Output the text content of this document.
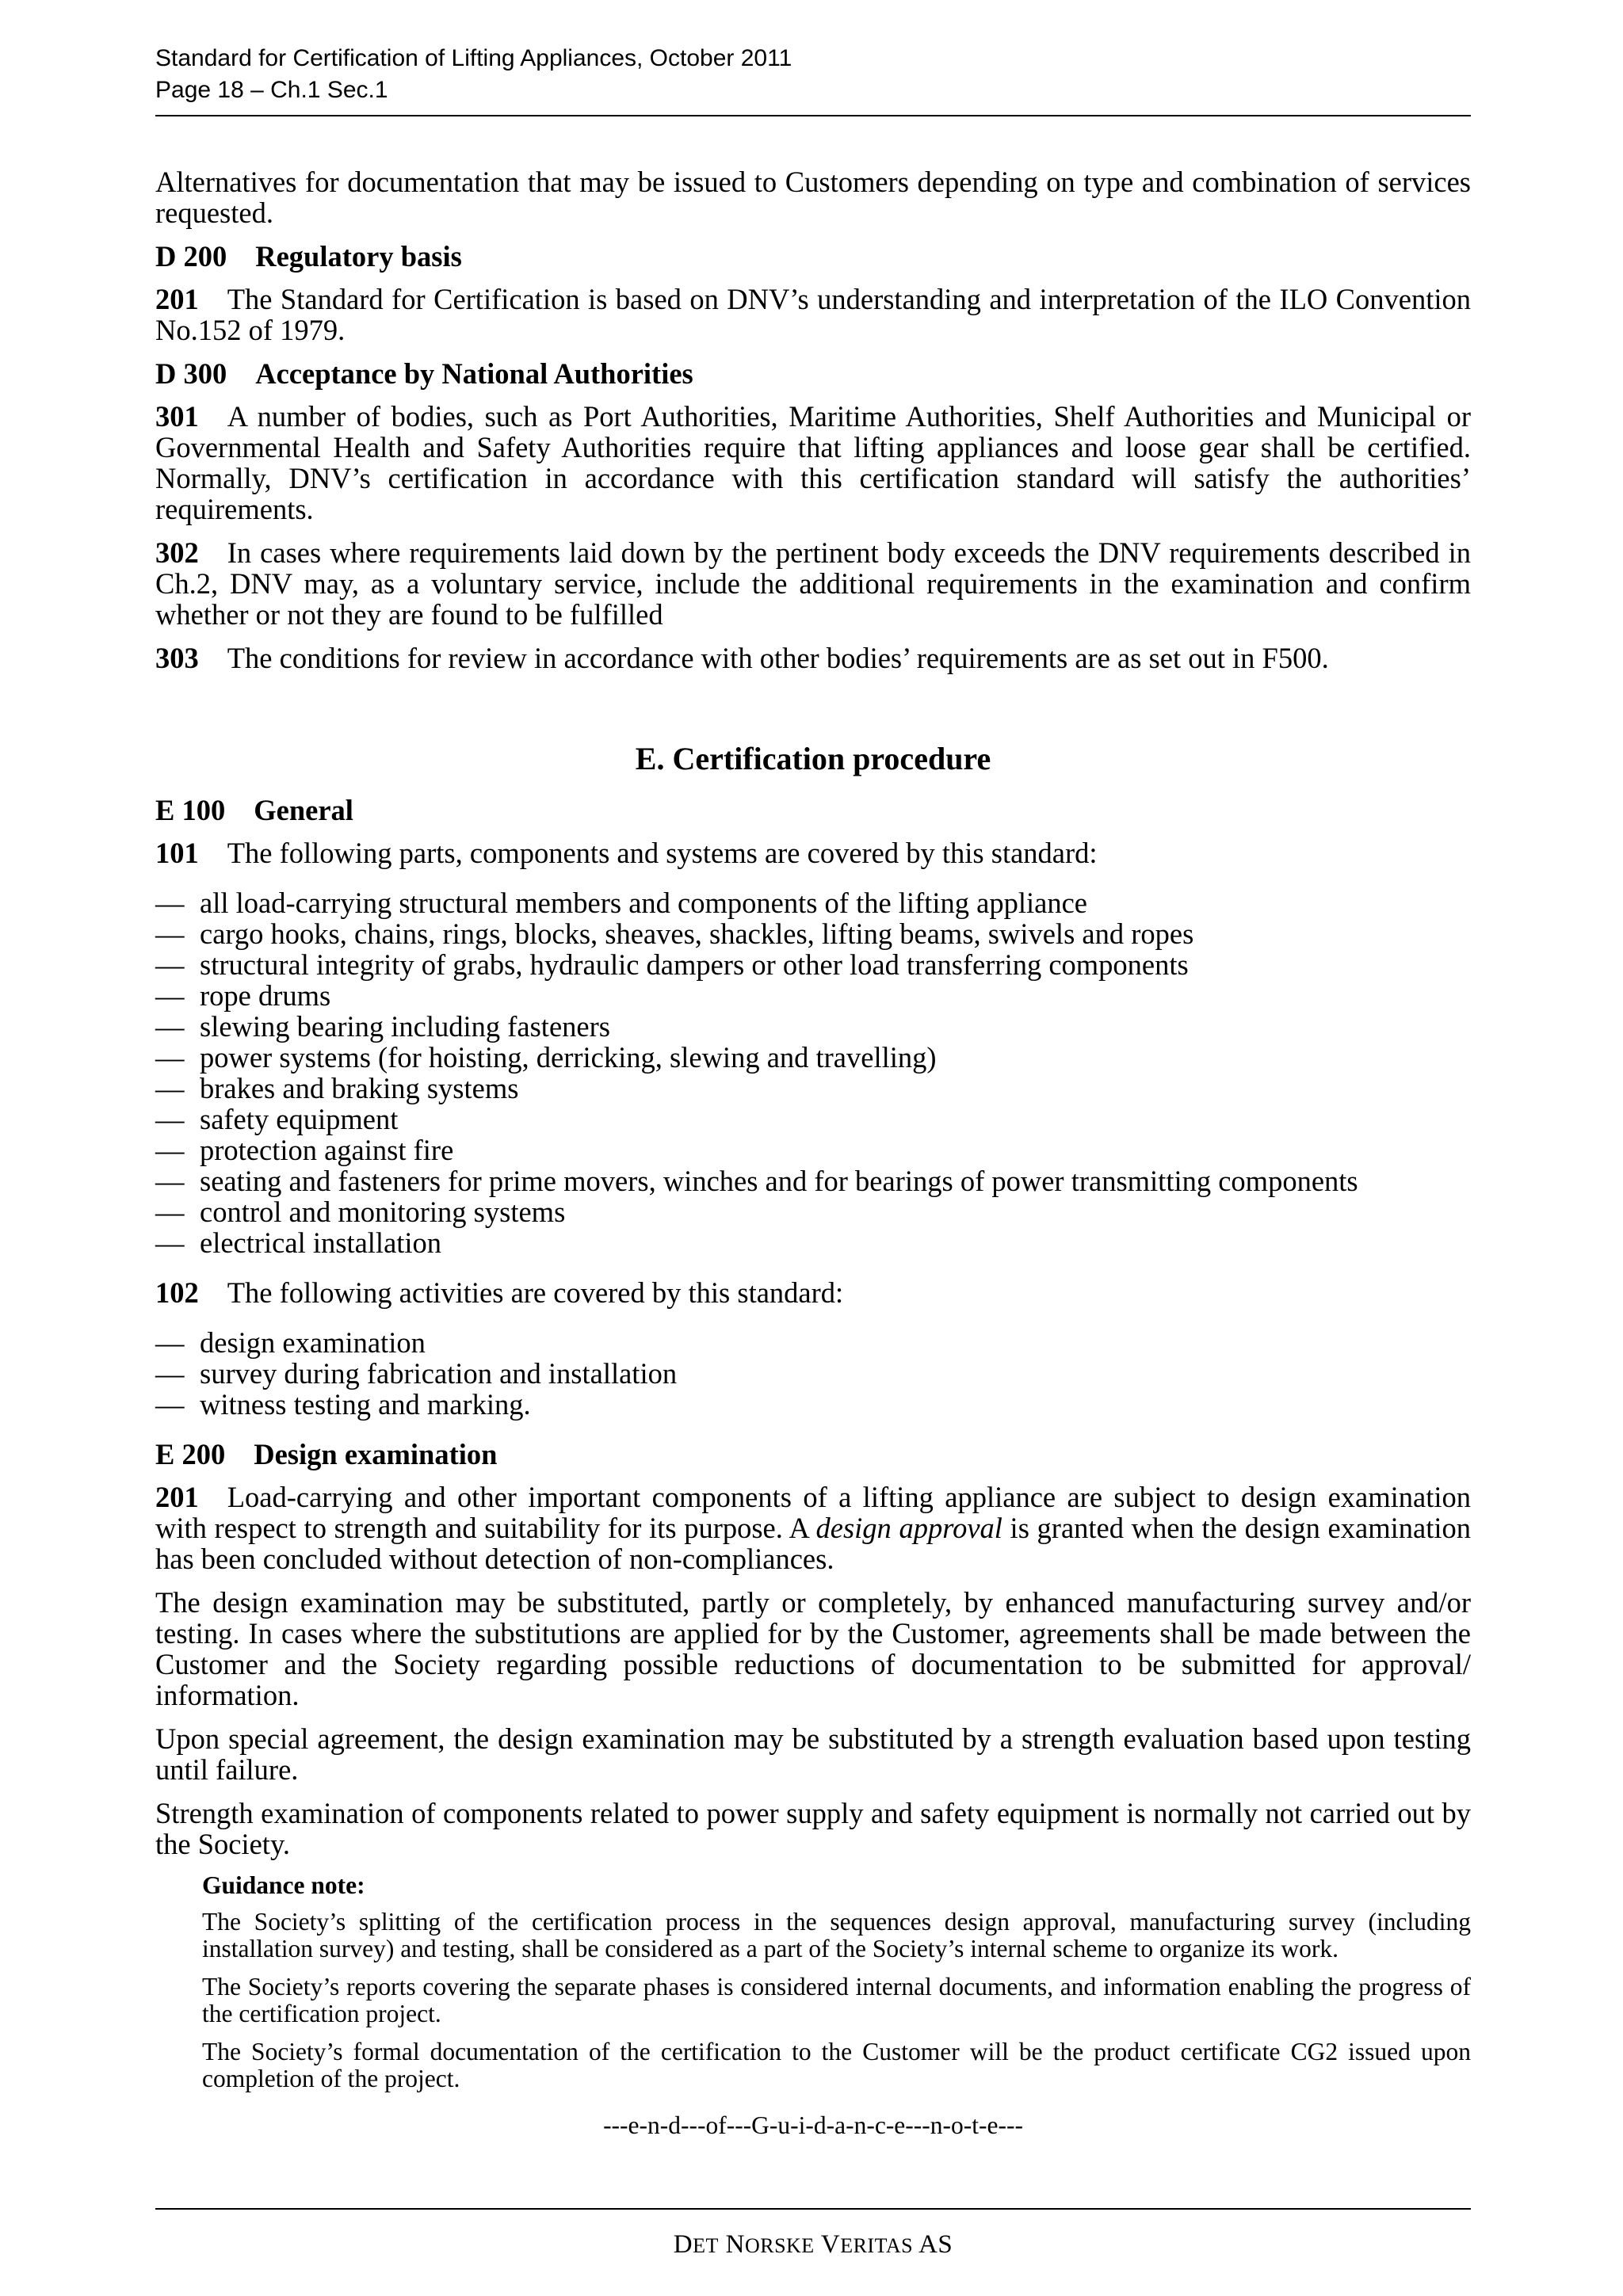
Standard for Certification of Lifting Appliances, October 2011
Page 18 – Ch.1 Sec.1

Alternatives for documentation that may be issued to Customers depending on type and combination of services requested.

D 200 Regulatory basis

201 The Standard for Certification is based on DNV’s understanding and interpretation of the ILO Convention No.152 of 1979.

D 300 Acceptance by National Authorities

301 A number of bodies, such as Port Authorities, Maritime Authorities, Shelf Authorities and Municipal or Governmental Health and Safety Authorities require that lifting appliances and loose gear shall be certified. Normally, DNV’s certification in accordance with this certification standard will satisfy the authorities’ requirements.

302 In cases where requirements laid down by the pertinent body exceeds the DNV requirements described in Ch.2, DNV may, as a voluntary service, include the additional requirements in the examination and confirm whether or not they are found to be fulfilled

303 The conditions for review in accordance with other bodies’ requirements are as set out in F500.

E. Certification procedure
E 100 General

101 The following parts, components and systems are covered by this standard:

— all load-carrying structural members and components of the lifting appliance
— cargo hooks, chains, rings, blocks, sheaves, shackles, lifting beams, swivels and ropes
— structural integrity of grabs, hydraulic dampers or other load transferring components
— rope drums
— slewing bearing including fasteners
— power systems (for hoisting, derricking, slewing and travelling)
— brakes and braking systems
— safety equipment
— protection against fire
— seating and fasteners for prime movers, winches and for bearings of power transmitting components
— control and monitoring systems
— electrical installation

102 The following activities are covered by this standard:

— design examination
— survey during fabrication and installation
— witness testing and marking.
E 200 Design examination

201 Load-carrying and other important components of a lifting appliance are subject to design examination with respect to strength and suitability for its purpose. A design approval is granted when the design examination has been concluded without detection of non-compliances.

The design examination may be substituted, partly or completely, by enhanced manufacturing survey and/or testing. In cases where the substitutions are applied for by the Customer, agreements shall be made between the Customer and the Society regarding possible reductions of documentation to be submitted for approval/ information.

Upon special agreement, the design examination may be substituted by a strength evaluation based upon testing until failure.

Strength examination of components related to power supply and safety equipment is normally not carried out by the Society.

Guidance note:

The Society’s splitting of the certification process in the sequences design approval, manufacturing survey (including installation survey) and testing, shall be considered as a part of the Society’s internal scheme to organize its work.

The Society’s reports covering the separate phases is considered internal documents, and information enabling the progress of the certification project.

The Society’s formal documentation of the certification to the Customer will be the product certificate CG2 issued upon completion of the project.

---e-n-d---of---G-u-i-d-a-n-c-e---n-o-t-e---
DET NORSKE VERITAS AS
